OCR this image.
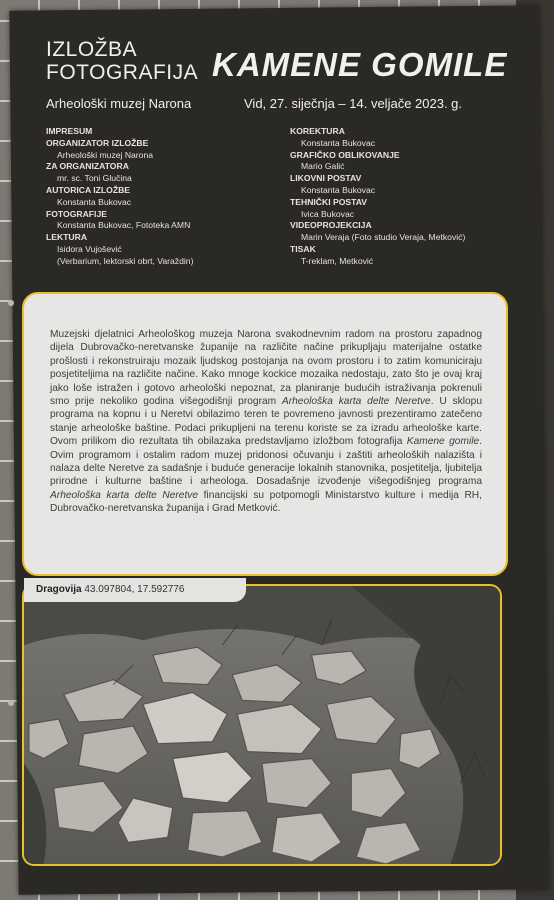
IZLOŽBA
FOTOGRAFIJA KAMENE GOMILE
Arheološki muzej Narona	Vid, 27. siječnja – 14. veljače 2023. g.
IMPRESUM
ORGANIZATOR IZLOŽBE
Arheološki muzej Narona
ZA ORGANIZATORA
mr. sc. Toni Glučina
AUTORICA IZLOŽBE
Konstanta Bukovac
FOTOGRAFIJE
Konstanta Bukovac, Fototeka AMN
LEKTURA
Isidora Vujošević
(Verbarium, lektorski obrt, Varaždin)
KOREKTURA
Konstanta Bukovac
GRAFIČKO OBLIKOVANJE
Mario Galić
LIKOVNI POSTAV
Konstanta Bukovac
TEHNIČKI POSTAV
Ivica Bukovac
VIDEOPROJEKCIJA
Marin Veraja (Foto studio Veraja, Metković)
TISAK
T-reklam, Metković
Muzejski djelatnici Arheološkog muzeja Narona svakodnevnim radom na prostoru zapadnog dijela Dubrovačko-neretvanske županije na različite načine prikupljaju materijalne ostatke prošlosti i rekonstruiraju mozaik ljudskog postojanja na ovom prostoru i to zatim komuniciraju posjetiteljima na različite načine. Kako mnoge kockice mozaika nedostaju, zato što je ovaj kraj jako loše istražen i gotovo arheološki nepoznat, za planiranje budućih istraživanja pokrenuli smo prije nekoliko godina višegodišnji program Arheološka karta delte Neretve. U sklopu programa na kopnu i u Neretvi obilazimo teren te povremeno javnosti prezentiramo zatečeno stanje arheološke baštine. Podaci prikupljeni na terenu koriste se za izradu arheološke karte. Ovom prilikom dio rezultata tih obilazaka predstavljamo izložbom fotografija Kamene gomile. Ovim programom i ostalim radom muzej pridonosi očuvanju i zaštiti arheoloških nalazišta i nalaza delte Neretve za sadašnje i buduće generacije lokalnih stanovnika, posjetitelja, ljubitelja prirodne i kulturne baštine i arheologa. Dosadašnje izvođenje višegodišnjeg programa Arheološka karta delte Neretve financijski su potpomogli Ministarstvo kulture i medija RH, Dubrovačko-neretvanska županija i Grad Metković.
Dragovija 43.097804, 17.592776
